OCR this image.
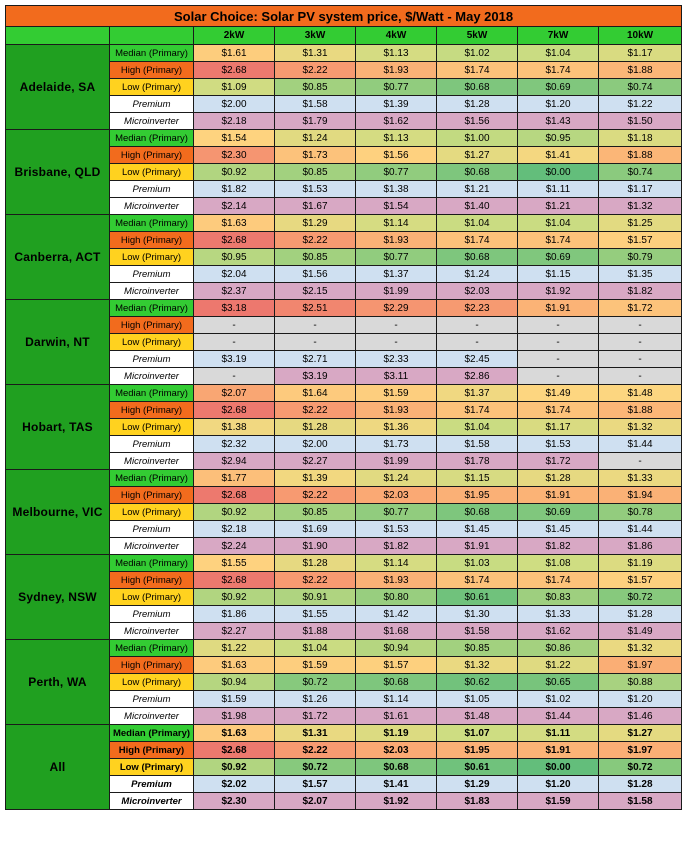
Solar Choice: Solar PV system price, $/Watt - May 2018							
		2kW	3kW	4kW	5kW	7kW	10kW
Adelaide, SA	Median (Primary)	$1.61	$1.31	$1.13	$1.02	$1.04	$1.17
	High (Primary)	$2.68	$2.22	$1.93	$1.74	$1.74	$1.88
	Low (Primary)	$1.09	$0.85	$0.77	$0.68	$0.69	$0.74
	Premium	$2.00	$1.58	$1.39	$1.28	$1.20	$1.22
	Microinverter	$2.18	$1.79	$1.62	$1.56	$1.43	$1.50
Brisbane, QLD	Median (Primary)	$1.54	$1.24	$1.13	$1.00	$0.95	$1.18
	High (Primary)	$2.30	$1.73	$1.56	$1.27	$1.41	$1.88
	Low (Primary)	$0.92	$0.85	$0.77	$0.68	$0.00	$0.74
	Premium	$1.82	$1.53	$1.38	$1.21	$1.11	$1.17
	Microinverter	$2.14	$1.67	$1.54	$1.40	$1.21	$1.32
Canberra, ACT	Median (Primary)	$1.63	$1.29	$1.14	$1.04	$1.04	$1.25
	High (Primary)	$2.68	$2.22	$1.93	$1.74	$1.74	$1.57
	Low (Primary)	$0.95	$0.85	$0.77	$0.68	$0.69	$0.79
	Premium	$2.04	$1.56	$1.37	$1.24	$1.15	$1.35
	Microinverter	$2.37	$2.15	$1.99	$2.03	$1.92	$1.82
Darwin, NT	Median (Primary)	$3.18	$2.51	$2.29	$2.23	$1.91	$1.72
	High (Primary)	-	-	-	-	-	-
	Low (Primary)	-	-	-	-	-	-
	Premium	$3.19	$2.71	$2.33	$2.45	-	-
	Microinverter	-	$3.19	$3.11	$2.86	-	-
Hobart, TAS	Median (Primary)	$2.07	$1.64	$1.59	$1.37	$1.49	$1.48
	High (Primary)	$2.68	$2.22	$1.93	$1.74	$1.74	$1.88
	Low (Primary)	$1.38	$1.28	$1.36	$1.04	$1.17	$1.32
	Premium	$2.32	$2.00	$1.73	$1.58	$1.53	$1.44
	Microinverter	$2.94	$2.27	$1.99	$1.78	$1.72	-
Melbourne, VIC	Median (Primary)	$1.77	$1.39	$1.24	$1.15	$1.28	$1.33
	High (Primary)	$2.68	$2.22	$2.03	$1.95	$1.91	$1.94
	Low (Primary)	$0.92	$0.85	$0.77	$0.68	$0.69	$0.78
	Premium	$2.18	$1.69	$1.53	$1.45	$1.45	$1.44
	Microinverter	$2.24	$1.90	$1.82	$1.91	$1.82	$1.86
Sydney, NSW	Median (Primary)	$1.55	$1.28	$1.14	$1.03	$1.08	$1.19
	High (Primary)	$2.68	$2.22	$1.93	$1.74	$1.74	$1.57
	Low (Primary)	$0.92	$0.91	$0.80	$0.61	$0.83	$0.72
	Premium	$1.86	$1.55	$1.42	$1.30	$1.33	$1.28
	Microinverter	$2.27	$1.88	$1.68	$1.58	$1.62	$1.49
Perth, WA	Median (Primary)	$1.22	$1.04	$0.94	$0.85	$0.86	$1.32
	High (Primary)	$1.63	$1.59	$1.57	$1.32	$1.22	$1.97
	Low (Primary)	$0.94	$0.72	$0.68	$0.62	$0.65	$0.88
	Premium	$1.59	$1.26	$1.14	$1.05	$1.02	$1.20
	Microinverter	$1.98	$1.72	$1.61	$1.48	$1.44	$1.46
All	Median (Primary)	$1.63	$1.31	$1.19	$1.07	$1.11	$1.27
	High (Primary)	$2.68	$2.22	$2.03	$1.95	$1.91	$1.97
	Low (Primary)	$0.92	$0.72	$0.68	$0.61	$0.00	$0.72
	Premium	$2.02	$1.57	$1.41	$1.29	$1.20	$1.28
	Microinverter	$2.30	$2.07	$1.92	$1.83	$1.59	$1.58
